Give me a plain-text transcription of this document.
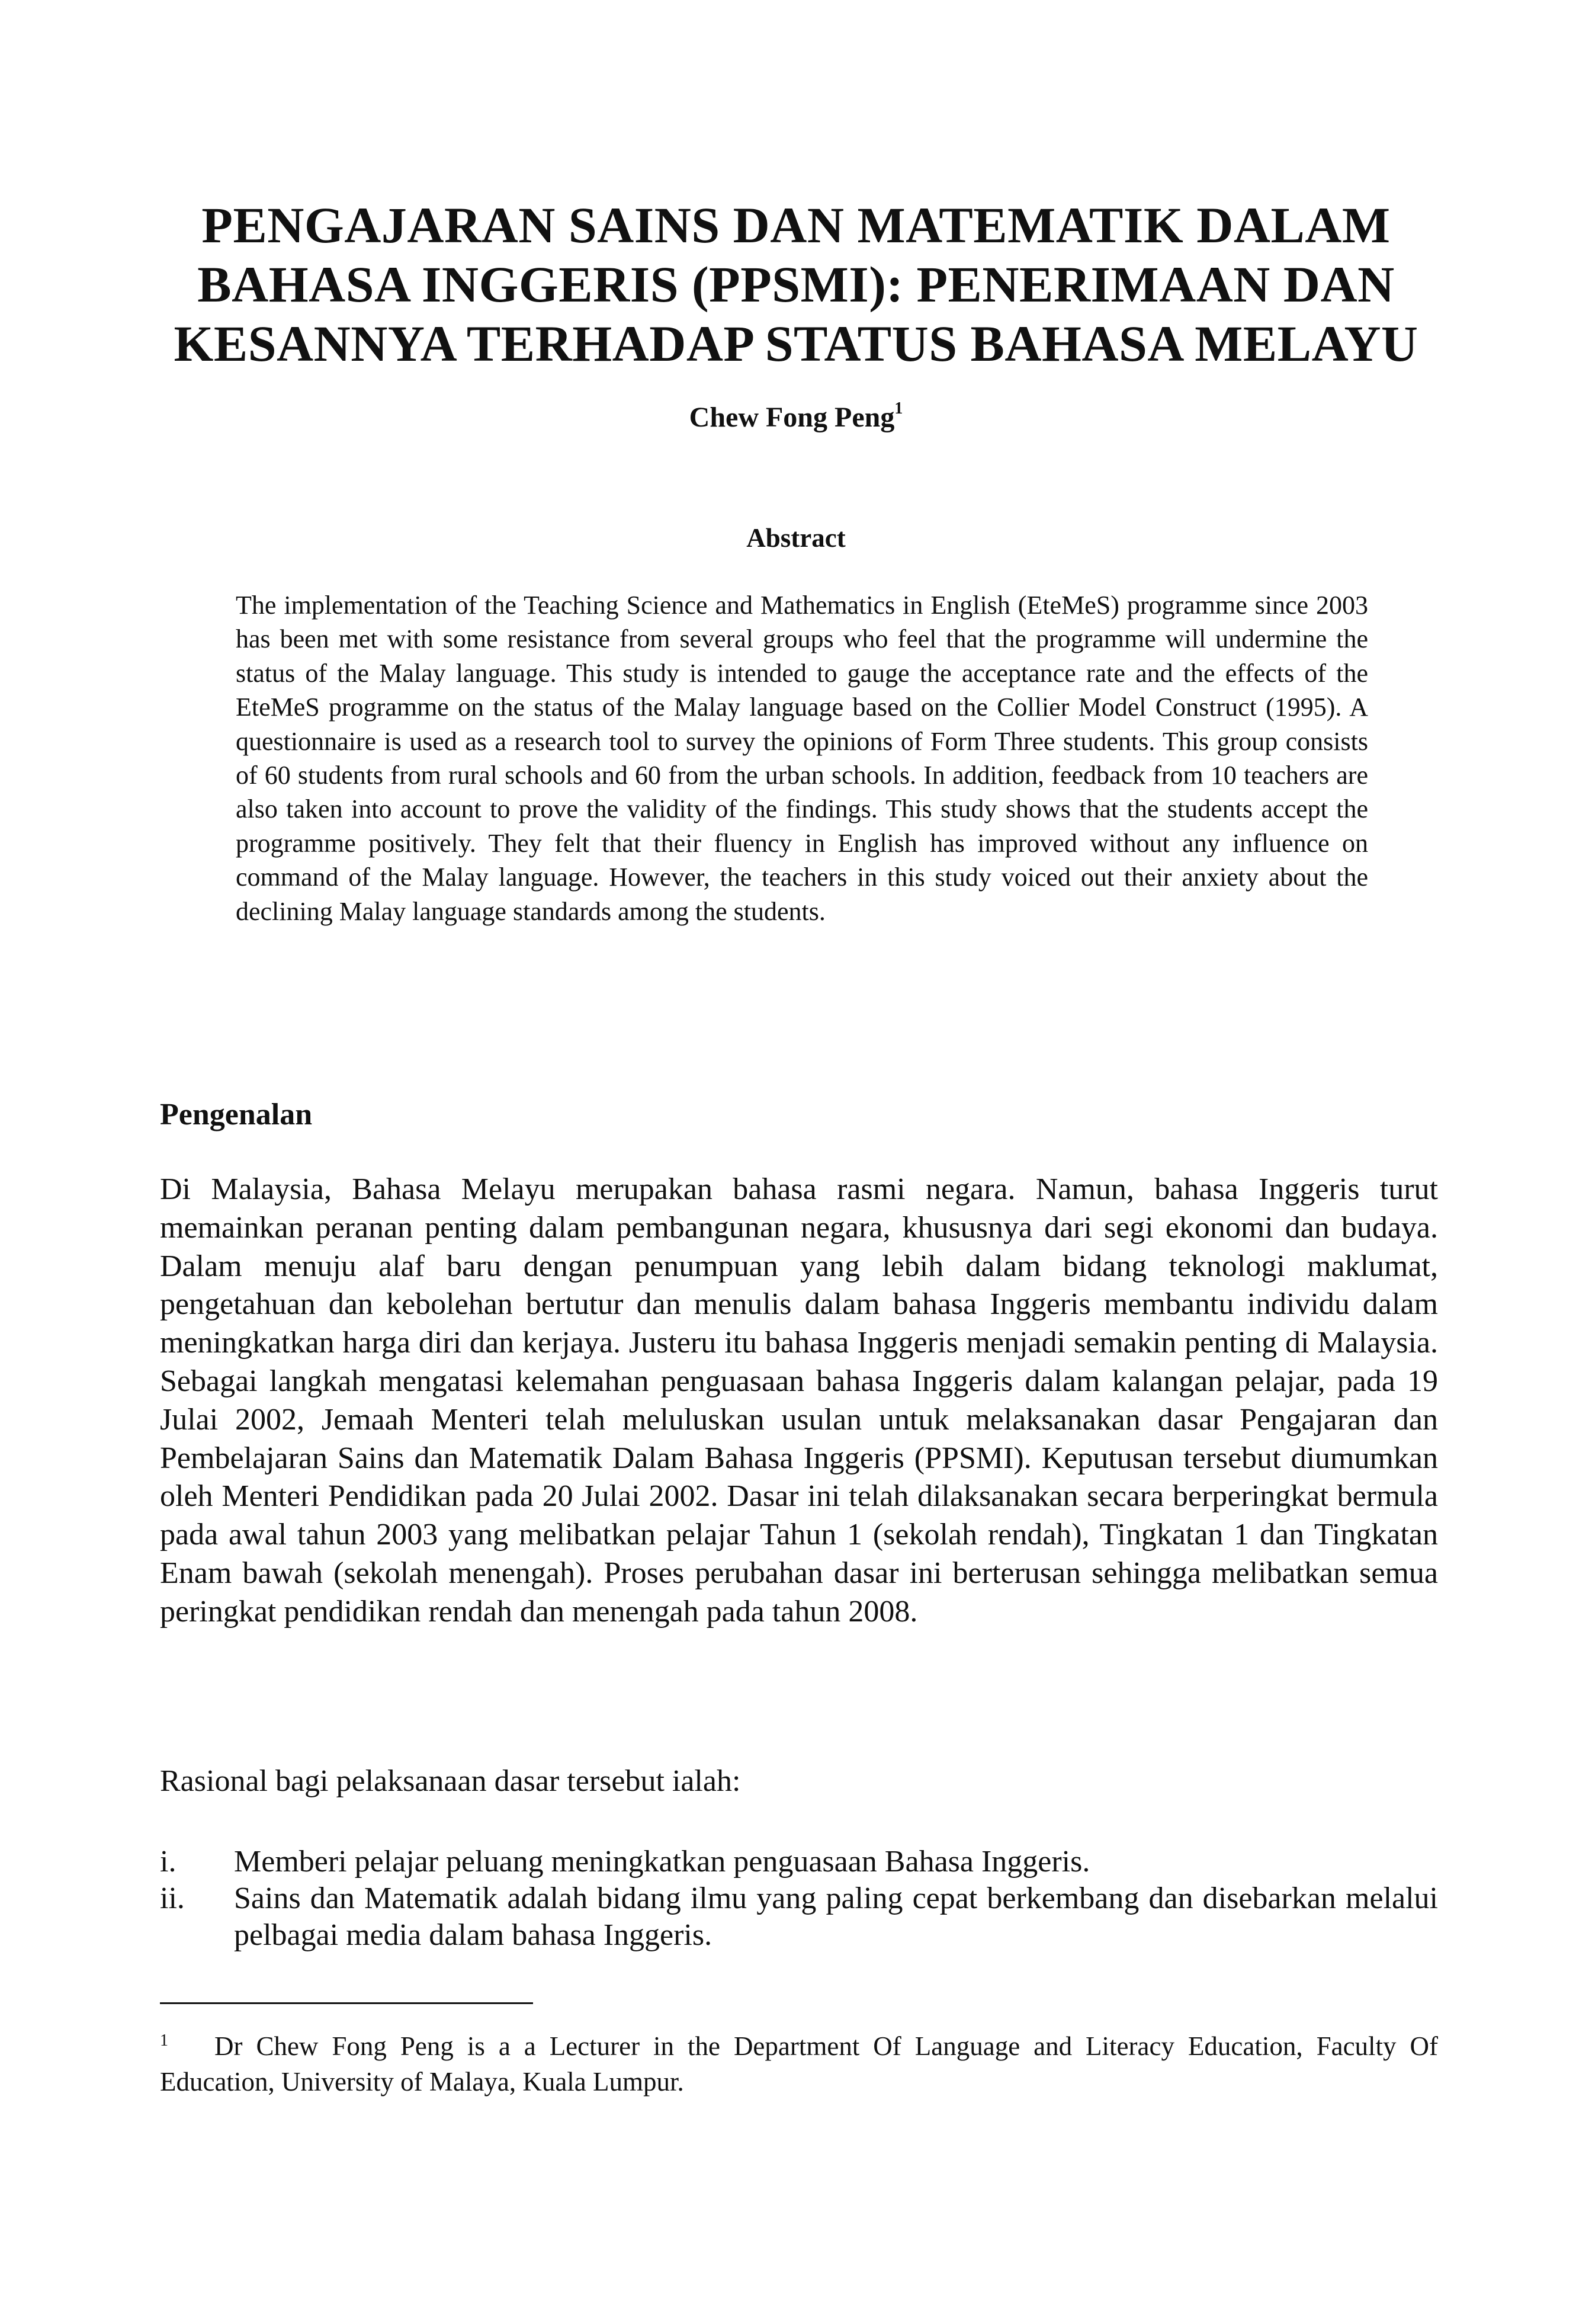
PENGAJARAN SAINS DAN MATEMATIK DALAM
BAHASA INGGERIS (PPSMI): PENERIMAAN DAN
KESANNYA TERHADAP STATUS BAHASA MELAYU
Chew Fong Peng$^1$
Abstract

The implementation of the Teaching Science and Mathematics in English (EteMeS) programme since 2003 has been met with some resistance from several groups who feel that the programme will undermine the status of the Malay language. This study is intended to gauge the acceptance rate and the effects of the EteMeS programme on the status of the Malay language based on the Collier Model Construct (1995). A questionnaire is used as a research tool to survey the opinions of Form Three students. This group consists of 60 students from rural schools and 60 from the urban schools. In addition, feedback from 10 teachers are also taken into account to prove the validity of the findings. This study shows that the students accept the programme positively. They felt that their fluency in English has improved without any influence on command of the Malay language. However, the teachers in this study voiced out their anxiety about the declining Malay language standards among the students.

Pengenalan

Di Malaysia, Bahasa Melayu merupakan bahasa rasmi negara. Namun, bahasa Inggeris turut memainkan peranan penting dalam pembangunan negara, khususnya dari segi ekonomi dan budaya. Dalam menuju alaf baru dengan penumpuan yang lebih dalam bidang teknologi maklumat, pengetahuan dan kebolehan bertutur dan menulis dalam bahasa Inggeris membantu individu dalam meningkatkan harga diri dan kerjaya. Justeru itu bahasa Inggeris menjadi semakin penting di Malaysia. Sebagai langkah mengatasi kelemahan penguasaan bahasa Inggeris dalam kalangan pelajar, pada 19 Julai 2002, Jemaah Menteri telah meluluskan usulan untuk melaksanakan dasar Pengajaran dan Pembelajaran Sains dan Matematik Dalam Bahasa Inggeris (PPSMI). Keputusan tersebut diumumkan oleh Menteri Pendidikan pada 20 Julai 2002. Dasar ini telah dilaksanakan secara berperingkat bermula pada awal tahun 2003 yang melibatkan pelajar Tahun 1 (sekolah rendah), Tingkatan 1 dan Tingkatan Enam bawah (sekolah menengah). Proses perubahan dasar ini berterusan sehingga melibatkan semua peringkat pendidikan rendah dan menengah pada tahun 2008.

Rasional bagi pelaksanaan dasar tersebut ialah:

i. Memberi pelajar peluang meningkatkan penguasaan Bahasa Inggeris.
ii. Sains dan Matematik adalah bidang ilmu yang paling cepat berkembang dan disebarkan melalui pelbagai media dalam bahasa Inggeris.

1 Dr Chew Fong Peng is a a Lecturer in the Department Of Language and Literacy Education, Faculty Of Education, University of Malaya, Kuala Lumpur.
